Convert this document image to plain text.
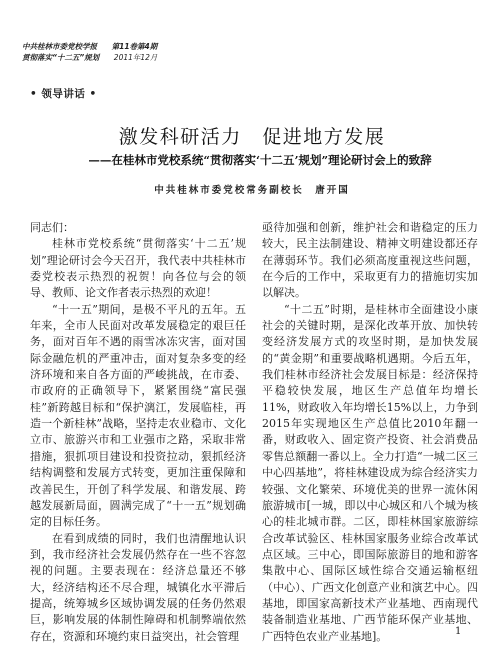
中共桂林市委党校学报 第11卷第4期
贯彻落实“十二五”规划 2011年12月
• 领导讲话 •
激发科研活力　促进地方发展
——在桂林市党校系统“贯彻落实‘十二五’规划”理论研讨会上的致辞
中共桂林市委党校常务副校长　唐开国

同志们：

桂林市党校系统“贯彻落实‘十二五’规划”理论研讨会今天召开，我代表中共桂林市委党校表示热烈的祝贺！向各位与会的领导、教师、论文作者表示热烈的欢迎！

“十一五”期间，是极不平凡的五年。五年来，全市人民面对改革发展稳定的艰巨任务，面对百年不遇的雨雪冰冻灾害，面对国际金融危机的严重冲击，面对复杂多变的经济环境和来自各方面的严峻挑战，在市委、市政府的正确领导下，紧紧围绕“富民强桂”新跨越目标和“保护漓江，发展临桂，再造一个新桂林”战略，坚持走农业稳市、文化立市、旅游兴市和工业强市之路，采取非常措施，狠抓项目建设和投资拉动，狠抓经济结构调整和发展方式转变，更加注重保障和改善民生，开创了科学发展、和谐发展、跨越发展新局面，圆满完成了“十一五”规划确定的目标任务。

在看到成绩的同时，我们也清醒地认识到，我市经济社会发展仍然存在一些不容忽视的问题。主要表现在：经济总量还不够大，经济结构还不尽合理，城镇化水平滞后提高，统筹城乡区域协调发展的任务仍然艰巨，影响发展的体制性障碍和机制弊端依然存在，资源和环境约束日益突出，社会管理

亟待加强和创新，维护社会和谐稳定的压力较大，民主法制建设、精神文明建设都还存在薄弱环节。我们必须高度重视这些问题，在今后的工作中，采取更有力的措施切实加以解决。

“十二五”时期，是桂林市全面建设小康社会的关键时期，是深化改革开放、加快转变经济发展方式的攻坚时期，是加快发展的“黄金期”和重要战略机遇期。今后五年，我们桂林市经济社会发展目标是：经济保持平稳较快发展，地区生产总值年均增长11%，财政收入年均增长15%以上，力争到2015年实现地区生产总值比2010年翻一番，财政收入、固定资产投资、社会消费品零售总额翻一番以上。全力打造“一城二区三中心四基地”，将桂林建设成为综合经济实力较强、文化繁荣、环境优美的世界一流休闲旅游城市[一城，即以中心城区和八个城为核心的桂北城市群。二区，即桂林国家旅游综合改革试验区、桂林国家服务业综合改革试点区域。三中心，即国际旅游目的地和游客集散中心、国际区域性综合交通运输枢纽（中心）、广西文化创意产业和演艺中心。四基地，即国家高新技术产业基地、西南现代装备制造业基地、广西节能环保产业基地、广西特色农业产业基地]。	1
